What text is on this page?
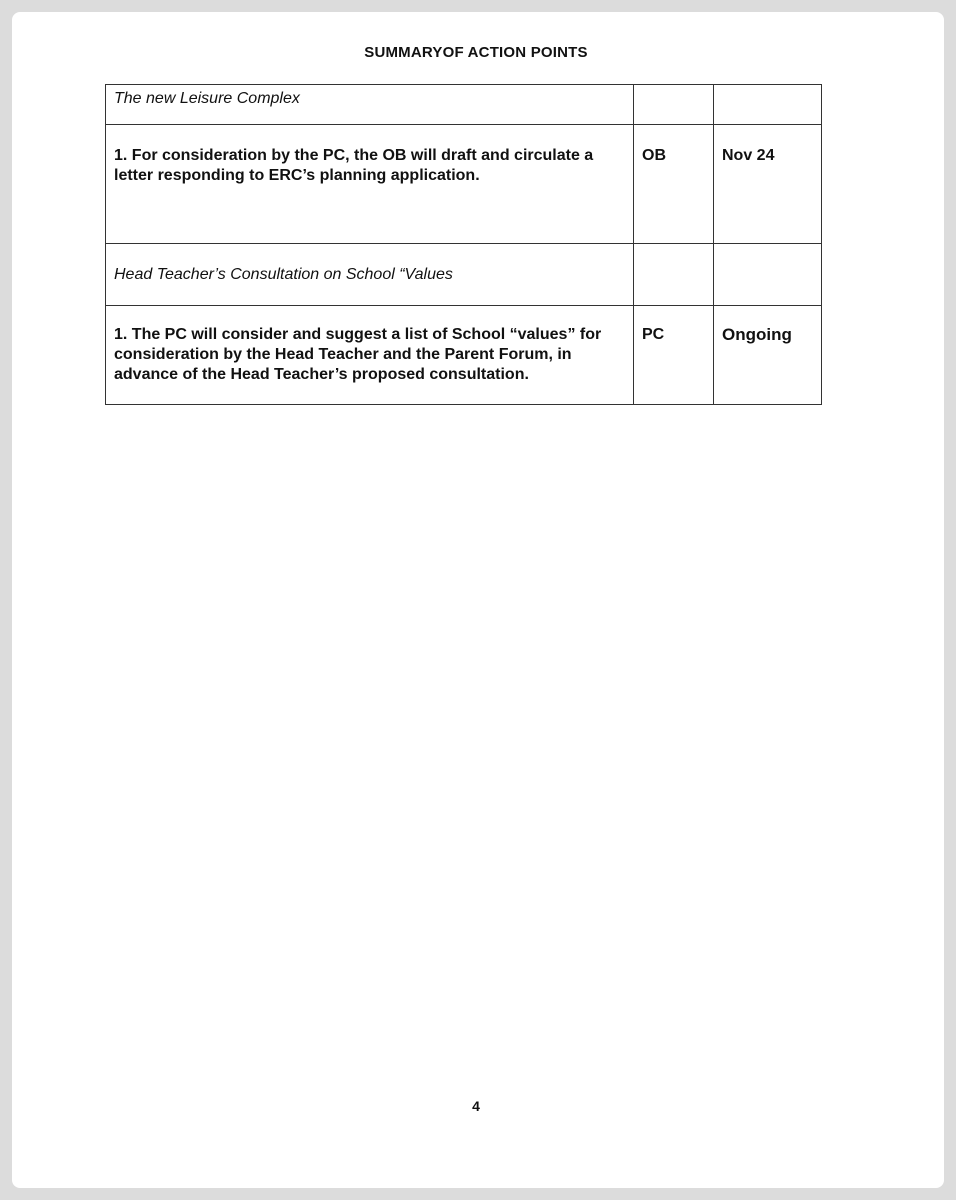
SUMMARYOF ACTION POINTS
The new Leisure Complex		

1. For consideration by the PC, the OB will draft and circulate a letter responding to ERC’s planning application.	OB	Nov 24

Head Teacher’s Consultation on School “Values		

1. The PC will consider and suggest a list of School “values” for consideration by the Head Teacher and the Parent Forum, in advance of the Head Teacher’s proposed consultation.	PC	Ongoing
4
